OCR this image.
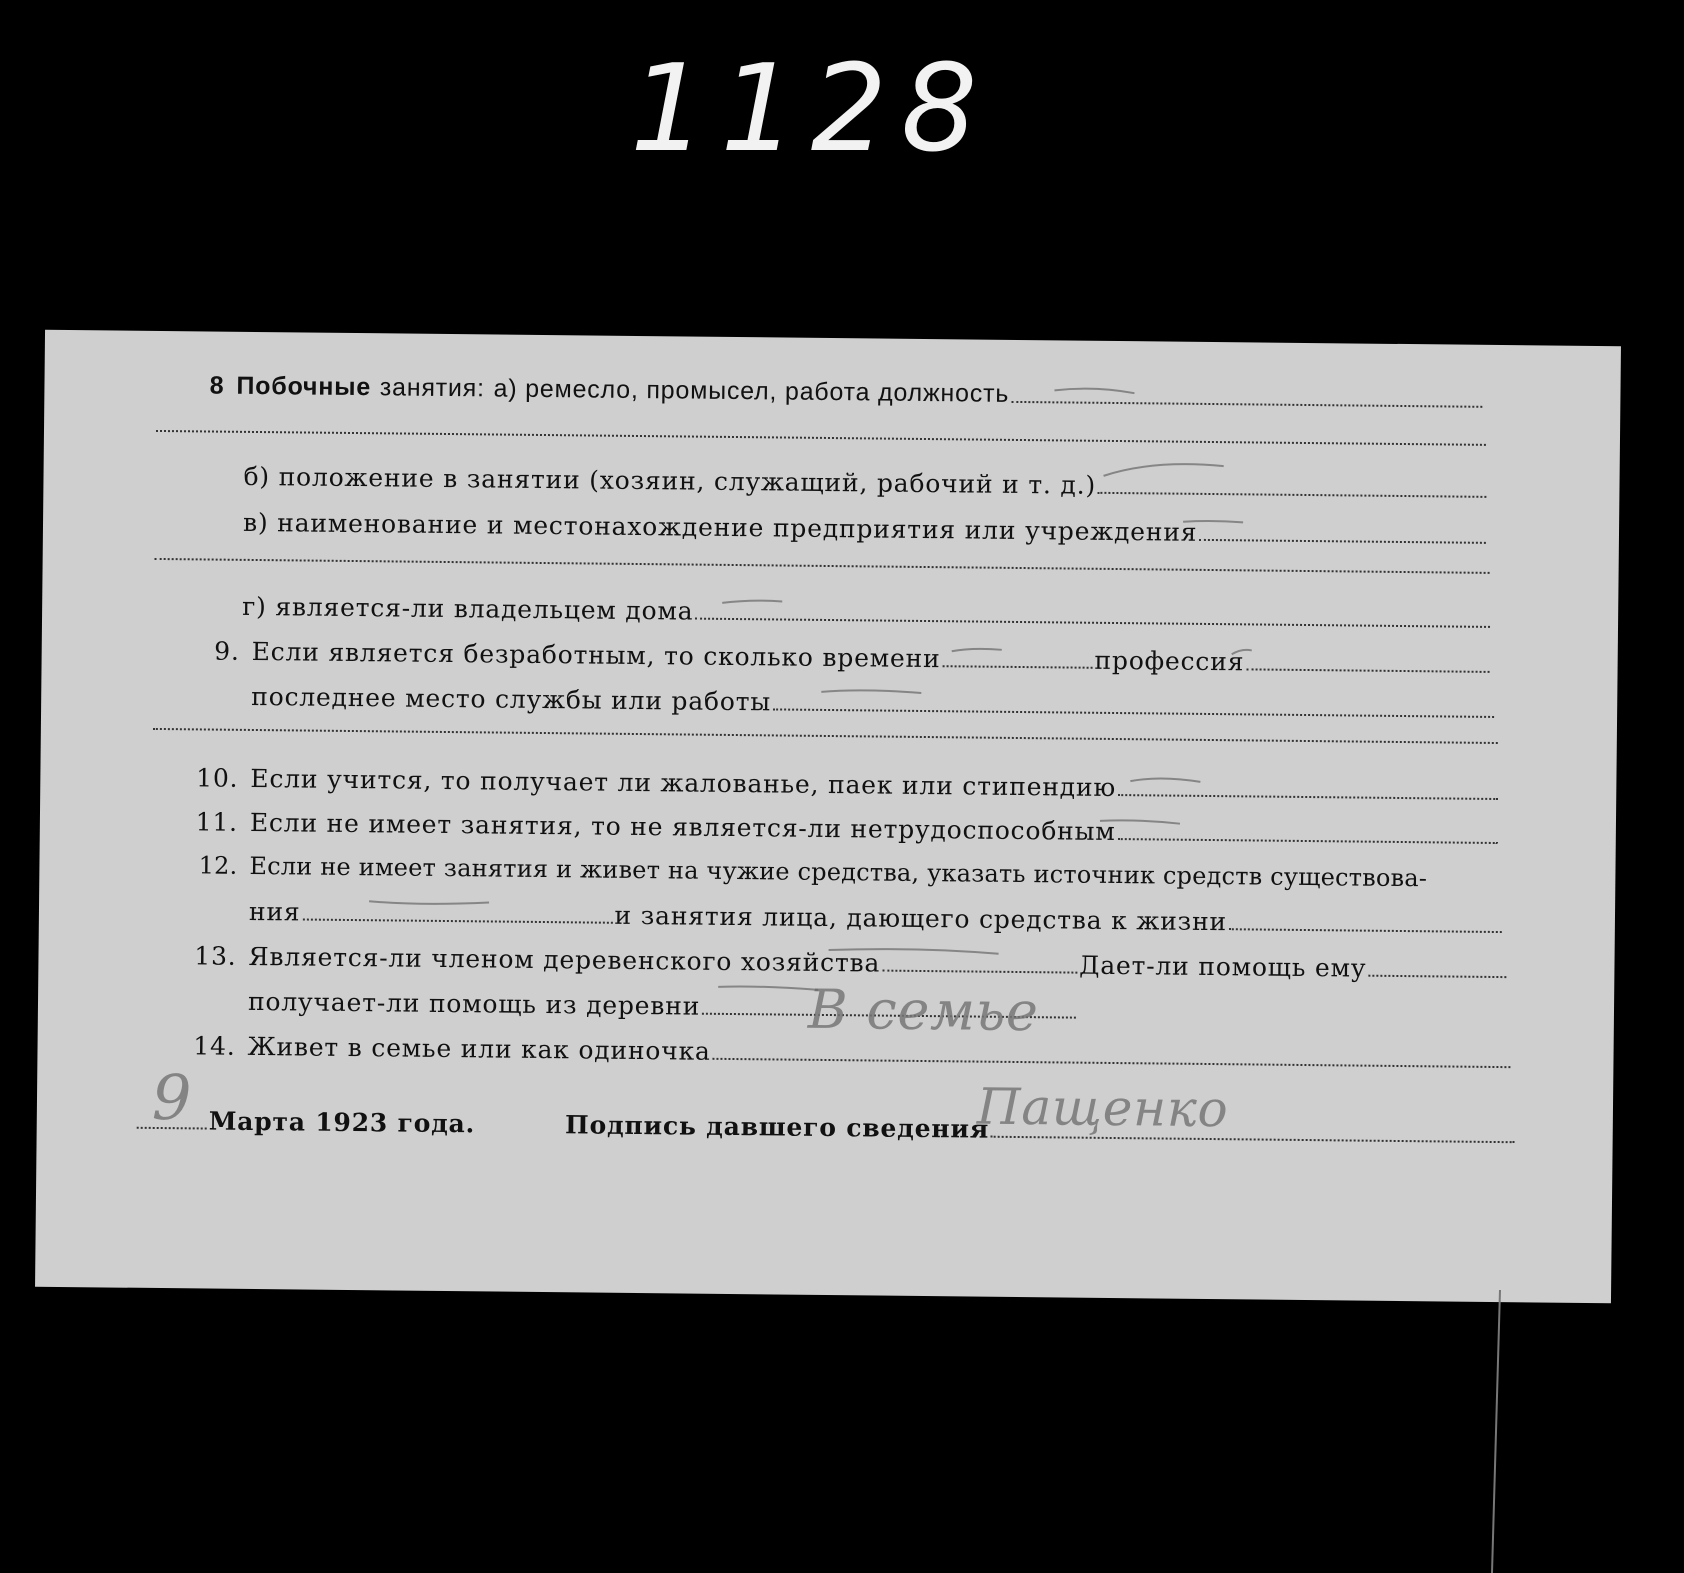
1128
8 Побочные
занятия:
а) ремесло, промысел, работа должность
б) положение в занятии (хозяин, служащий, рабочий и т. д.)
в) наименование и местонахождение предприятия или учреждения
г) является-ли владельцем дома
9. Если является безработным, то сколько времени	профессия
последнее место службы или работы
10. Если учится, то получает ли жалованье, паек или стипендию
11. Если не имеет занятия, то не является-ли нетрудоспособным
12. Если не имеет занятия и живет на чужие средства, указать источник средств существова-
ния	и занятия лица, дающего средства к жизни
13. Является-ли членом деревенского хозяйства	Дает-ли помощь ему
получает-ли помощь из деревни
14. Живет в семье или как одиночка
В семье
Марта 1923 года.	Подпись давшего сведения
9	Пащенко
